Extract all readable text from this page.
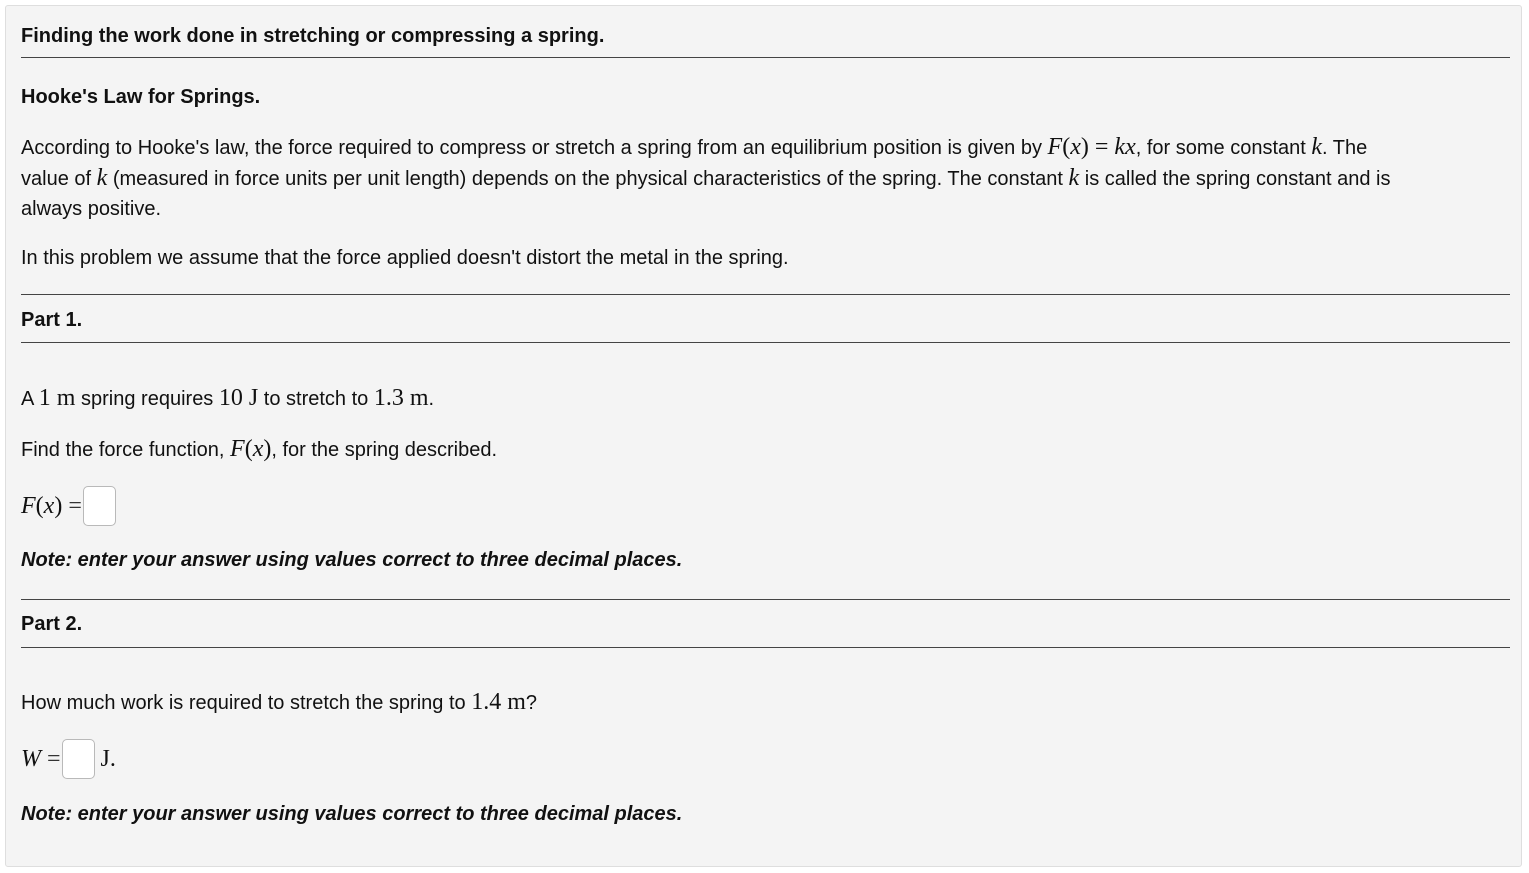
Finding the work done in stretching or compressing a spring.
Hooke's Law for Springs.
According to Hooke's law, the force required to compress or stretch a spring from an equilibrium position is given by F(x) = kx, for some constant k. The
value of k (measured in force units per unit length) depends on the physical characteristics of the spring. The constant k is called the spring constant and is
always positive.
In this problem we assume that the force applied doesn't distort the metal in the spring.
Part 1.
A 1 m spring requires 10 J to stretch to 1.3 m.
Find the force function, F(x), for the spring described.
F ( x ) =
Note: enter your answer using values correct to three decimal places.
Part 2.
How much work is required to stretch the spring to 1.4 m?
W = J .
Note: enter your answer using values correct to three decimal places.
